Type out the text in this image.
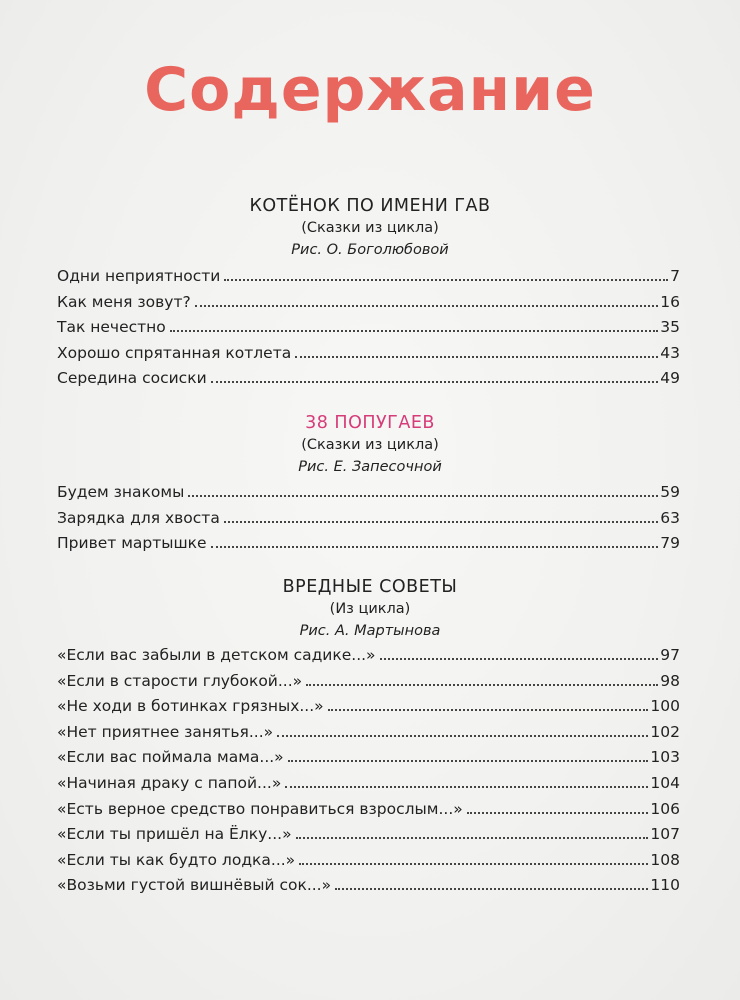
Содержание
КОТЁНОК ПО ИМЕНИ ГАВ
(Сказки из цикла)
Рис. О. Боголюбовой
Одни неприятности	7
Как меня зовут?	16
Так нечестно	35
Хорошо спрятанная котлета	43
Середина сосиски	49
38 ПОПУГАЕВ
(Сказки из цикла)
Рис. Е. Запесочной
Будем знакомы	59
Зарядка для хвоста	63
Привет мартышке	79
ВРЕДНЫЕ СОВЕТЫ
(Из цикла)
Рис. А. Мартынова
«Если вас забыли в детском садике...»	97
«Если в старости глубокой...»	98
«Не ходи в ботинках грязных...»	100
«Нет приятнее занятья...»	102
«Если вас поймала мама...»	103
«Начиная драку с папой...»	104
«Есть верное средство понравиться взрослым...»	106
«Если ты пришёл на Ёлку...»	107
«Если ты как будто лодка...»	108
«Возьми густой вишнёвый сок...»	110
